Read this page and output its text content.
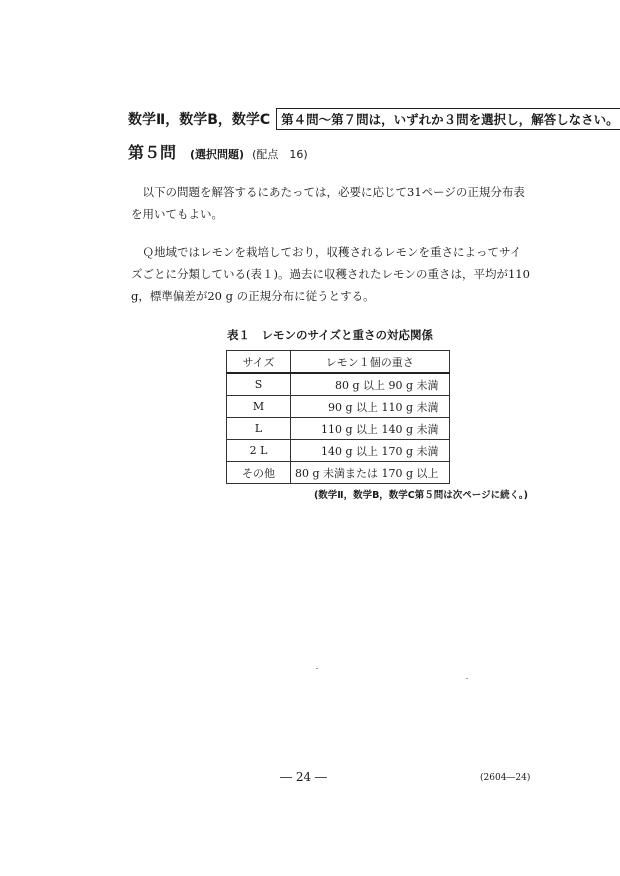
数学Ⅱ，数学B，数学C 第４問～第７問は，いずれか３問を選択し，解答しなさい。
第５問 (選択問題) (配点　16)

以下の問題を解答するにあたっては，必要に応じて31ページの正規分布表を用いてもよい。

Ｑ地域ではレモンを栽培しており，収穫されるレモンを重さによってサイズごとに分類している(表１)。過去に収穫されたレモンの重さは，平均が110 g，標準偏差が20 g の正規分布に従うとする。

表１　レモンのサイズと重さの対応関係
サイズ	レモン１個の重さ
S	80 g 以上 90 g 未満
M	90 g 以上 110 g 未満
L	110 g 以上 140 g 未満
2 L	140 g 以上 170 g 未満
その他	80 g 未満または 170 g 以上
(数学Ⅱ，数学B，数学C第５問は次ページに続く。)
― 24 ―	(2604―24)
